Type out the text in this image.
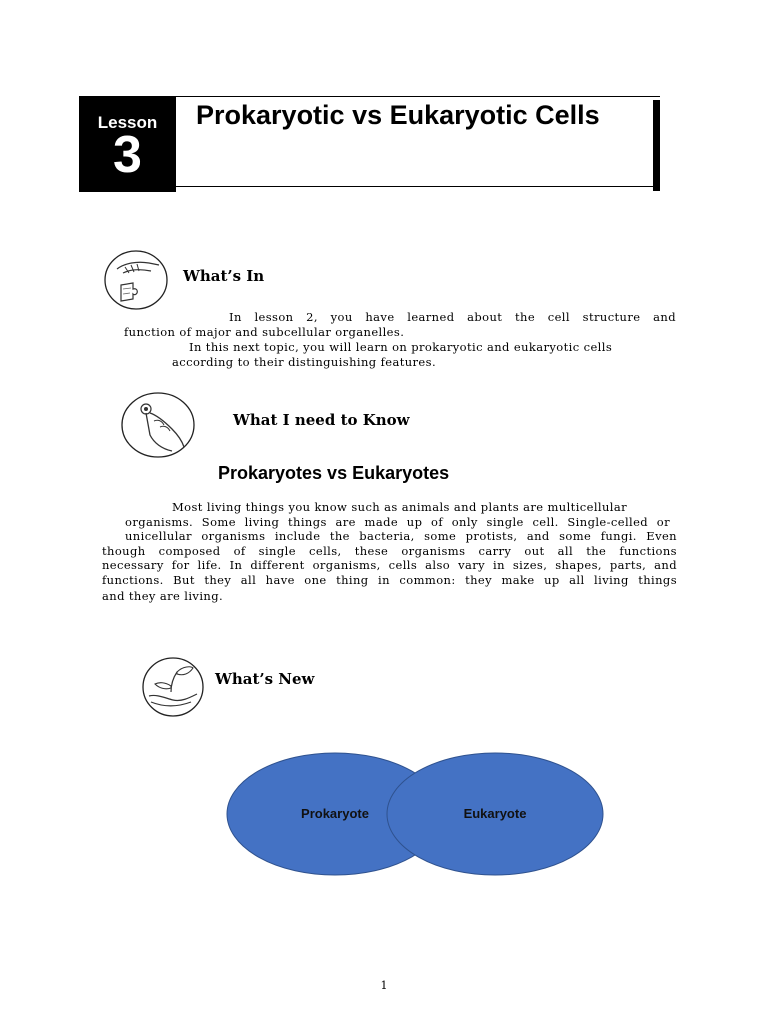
Lesson
3
Prokaryotic vs Eukaryotic Cells
What’s In
In lesson 2, you have learned about the cell structure and
function of major and subcellular organelles.
In this next topic, you will learn on prokaryotic and eukaryotic cells
according to their distinguishing features.
What I need to Know
Prokaryotes vs Eukaryotes
Most living things you know such as animals and plants are multicellular
organisms. Some living things are made up of only single cell. Single-celled or
unicellular organisms include the bacteria, some protists, and some fungi. Even
though composed of single cells, these organisms carry out all the functions
necessary for life. In different organisms, cells also vary in sizes, shapes, parts, and
functions. But they all have one thing in common: they make up all living things
and they are living.
What’s New
Prokaryote	Eukaryote
1
